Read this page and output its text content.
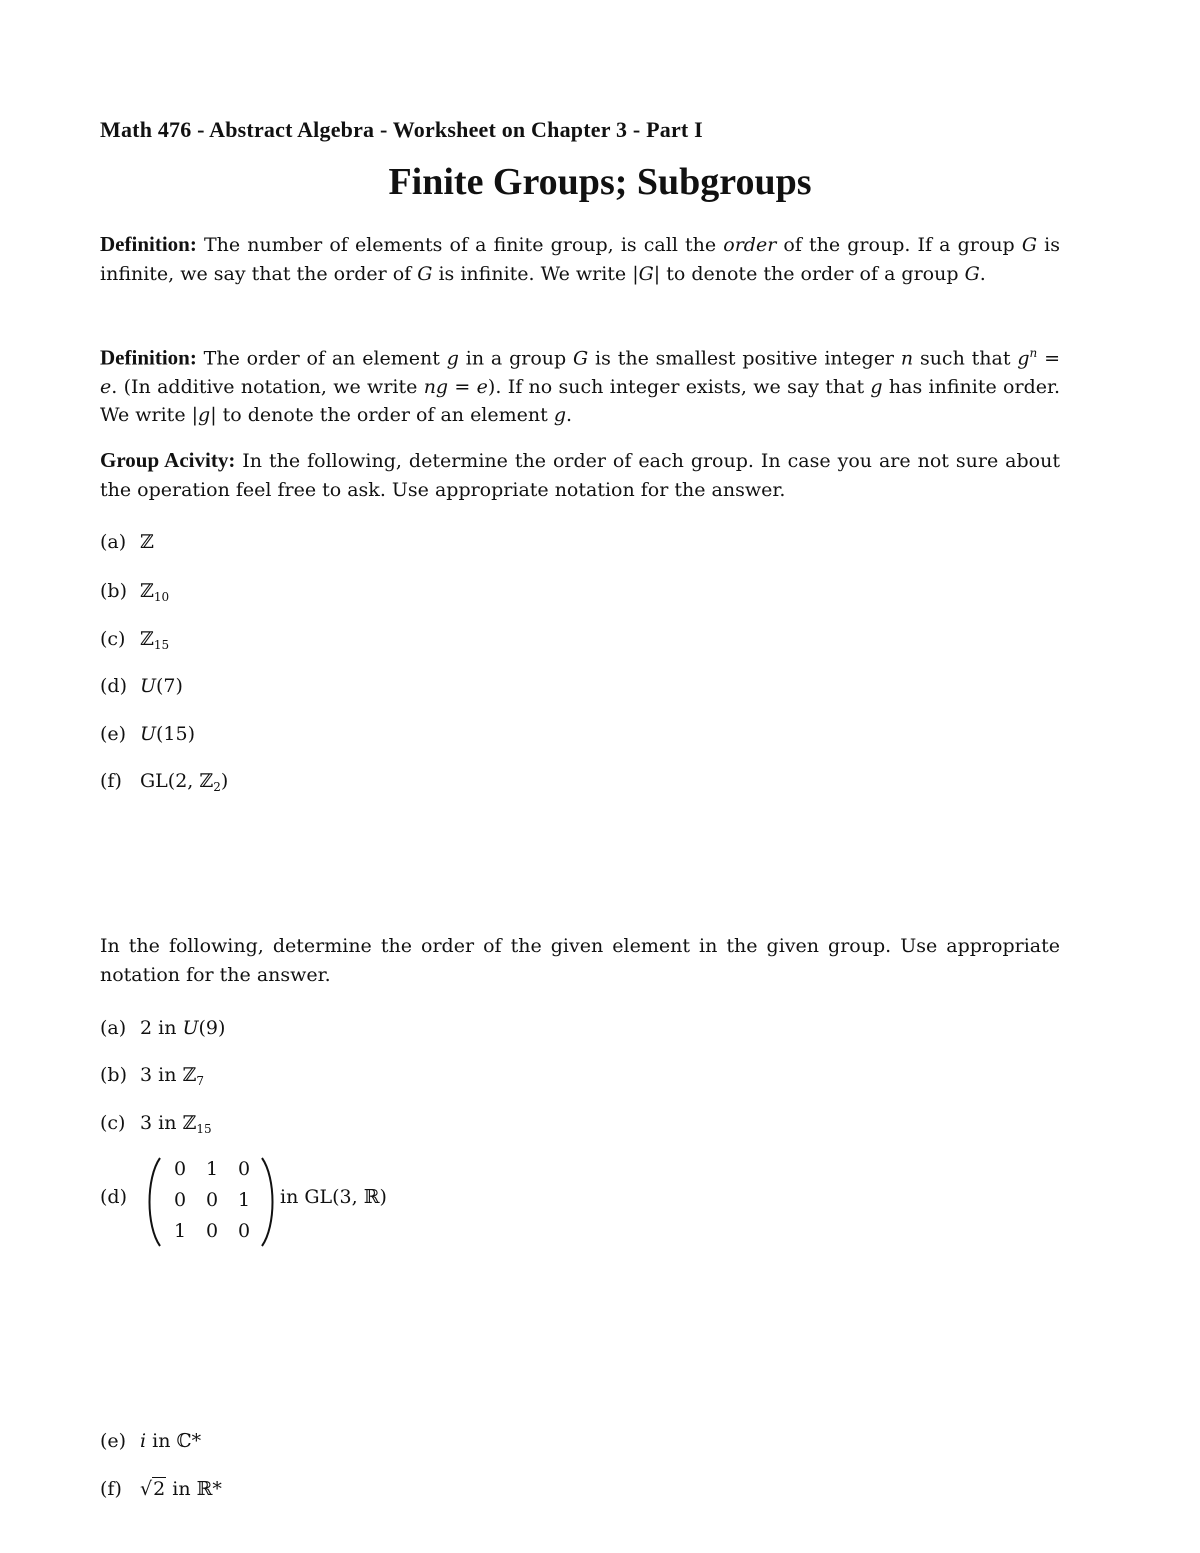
Math 476 - Abstract Algebra - Worksheet on Chapter 3 - Part I
Finite Groups; Subgroups
Definition: The number of elements of a finite group, is call the order of the group. If a group G is infinite, we say that the order of G is infinite. We write |G| to denote the order of a group G.
Definition: The order of an element g in a group G is the smallest positive integer n such that $g^n = e$. (In additive notation, we write ng = e). If no such integer exists, we say that g has infinite order. We write |g| to denote the order of an element g.
Group Acivity: In the following, determine the order of each group. In case you are not sure about the operation feel free to ask. Use appropriate notation for the answer.
(a) ℤ
(b) ℤ$_{10}$
(c) ℤ$_{15}$
(d) U(7)
(e) U(15)
(f) GL(2, ℤ$_2$)
In the following, determine the order of the given element in the given group. Use appropriate notation for the answer.
(a) 2 in U(9)
(b) 3 in ℤ$_7$
(c) 3 in ℤ$_{15}$
(d)
0	1	0
0	0	1
1	0	0
in GL(3, ℝ)
(e) i in ℂ*
(f) √2 in ℝ*
